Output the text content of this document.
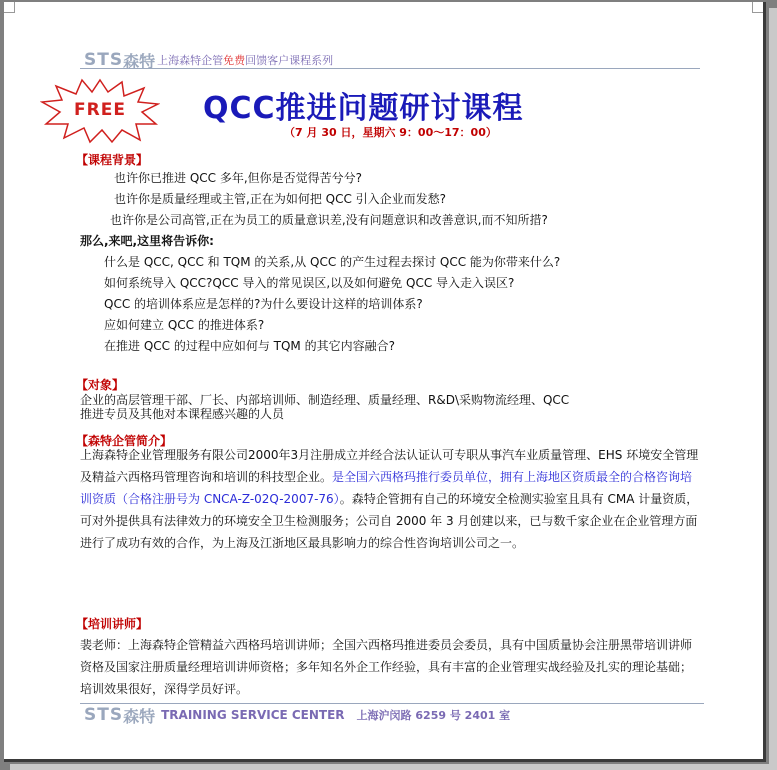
STS 森特 上海森特企管免费回馈客户课程系列
FREE	QCC推进问题研讨课程
（7 月 30 日，星期六 9：00～17：00）
【课程背景】
也许你已推进 QCC 多年,但你是否觉得苦兮兮?
也许你是质量经理或主管,正在为如何把 QCC 引入企业而发愁?
也许你是公司高管,正在为员工的质量意识差,没有问题意识和改善意识,而不知所措?
那么,来吧,这里将告诉你:
什么是 QCC, QCC 和 TQM 的关系,从 QCC 的产生过程去探讨 QCC 能为你带来什么?
如何系统导入 QCC?QCC 导入的常见误区,以及如何避免 QCC 导入走入误区?
QCC 的培训体系应是怎样的?为什么要设计这样的培训体系?
应如何建立 QCC 的推进体系?
在推进 QCC 的过程中应如何与 TQM 的其它内容融合?
【对象】
企业的高层管理干部、厂长、内部培训师、制造经理、质量经理、R&D\采购物流经理、QCC
推进专员及其他对本课程感兴趣的人员
【森特企管简介】
上海森特企业管理服务有限公司2000年3月注册成立并经合法认证认可专职从事汽车业质量管理、EHS 环境安全管理及精益六西格玛管理咨询和培训的科技型企业。是全国六西格玛推行委员单位，拥有上海地区资质最全的合格咨询培训资质（合格注册号为 CNCA-Z-02Q-2007-76）。森特企管拥有自己的环境安全检测实验室且具有 CMA 计量资质，可对外提供具有法律效力的环境安全卫生检测服务；公司自 2000 年 3 月创建以来，已与数千家企业在企业管理方面进行了成功有效的合作，为上海及江浙地区最具影响力的综合性咨询培训公司之一。
【培训讲师】
裴老师：上海森特企管精益六西格玛培训讲师；全国六西格玛推进委员会委员，具有中国质量协会注册黑带培训讲师资格及国家注册质量经理培训讲师资格；多年知名外企工作经验，具有丰富的企业管理实战经验及扎实的理论基础；培训效果很好，深得学员好评。
STS 森特 TRAINING SERVICE CENTER 上海沪闵路 6259 号 2401 室
